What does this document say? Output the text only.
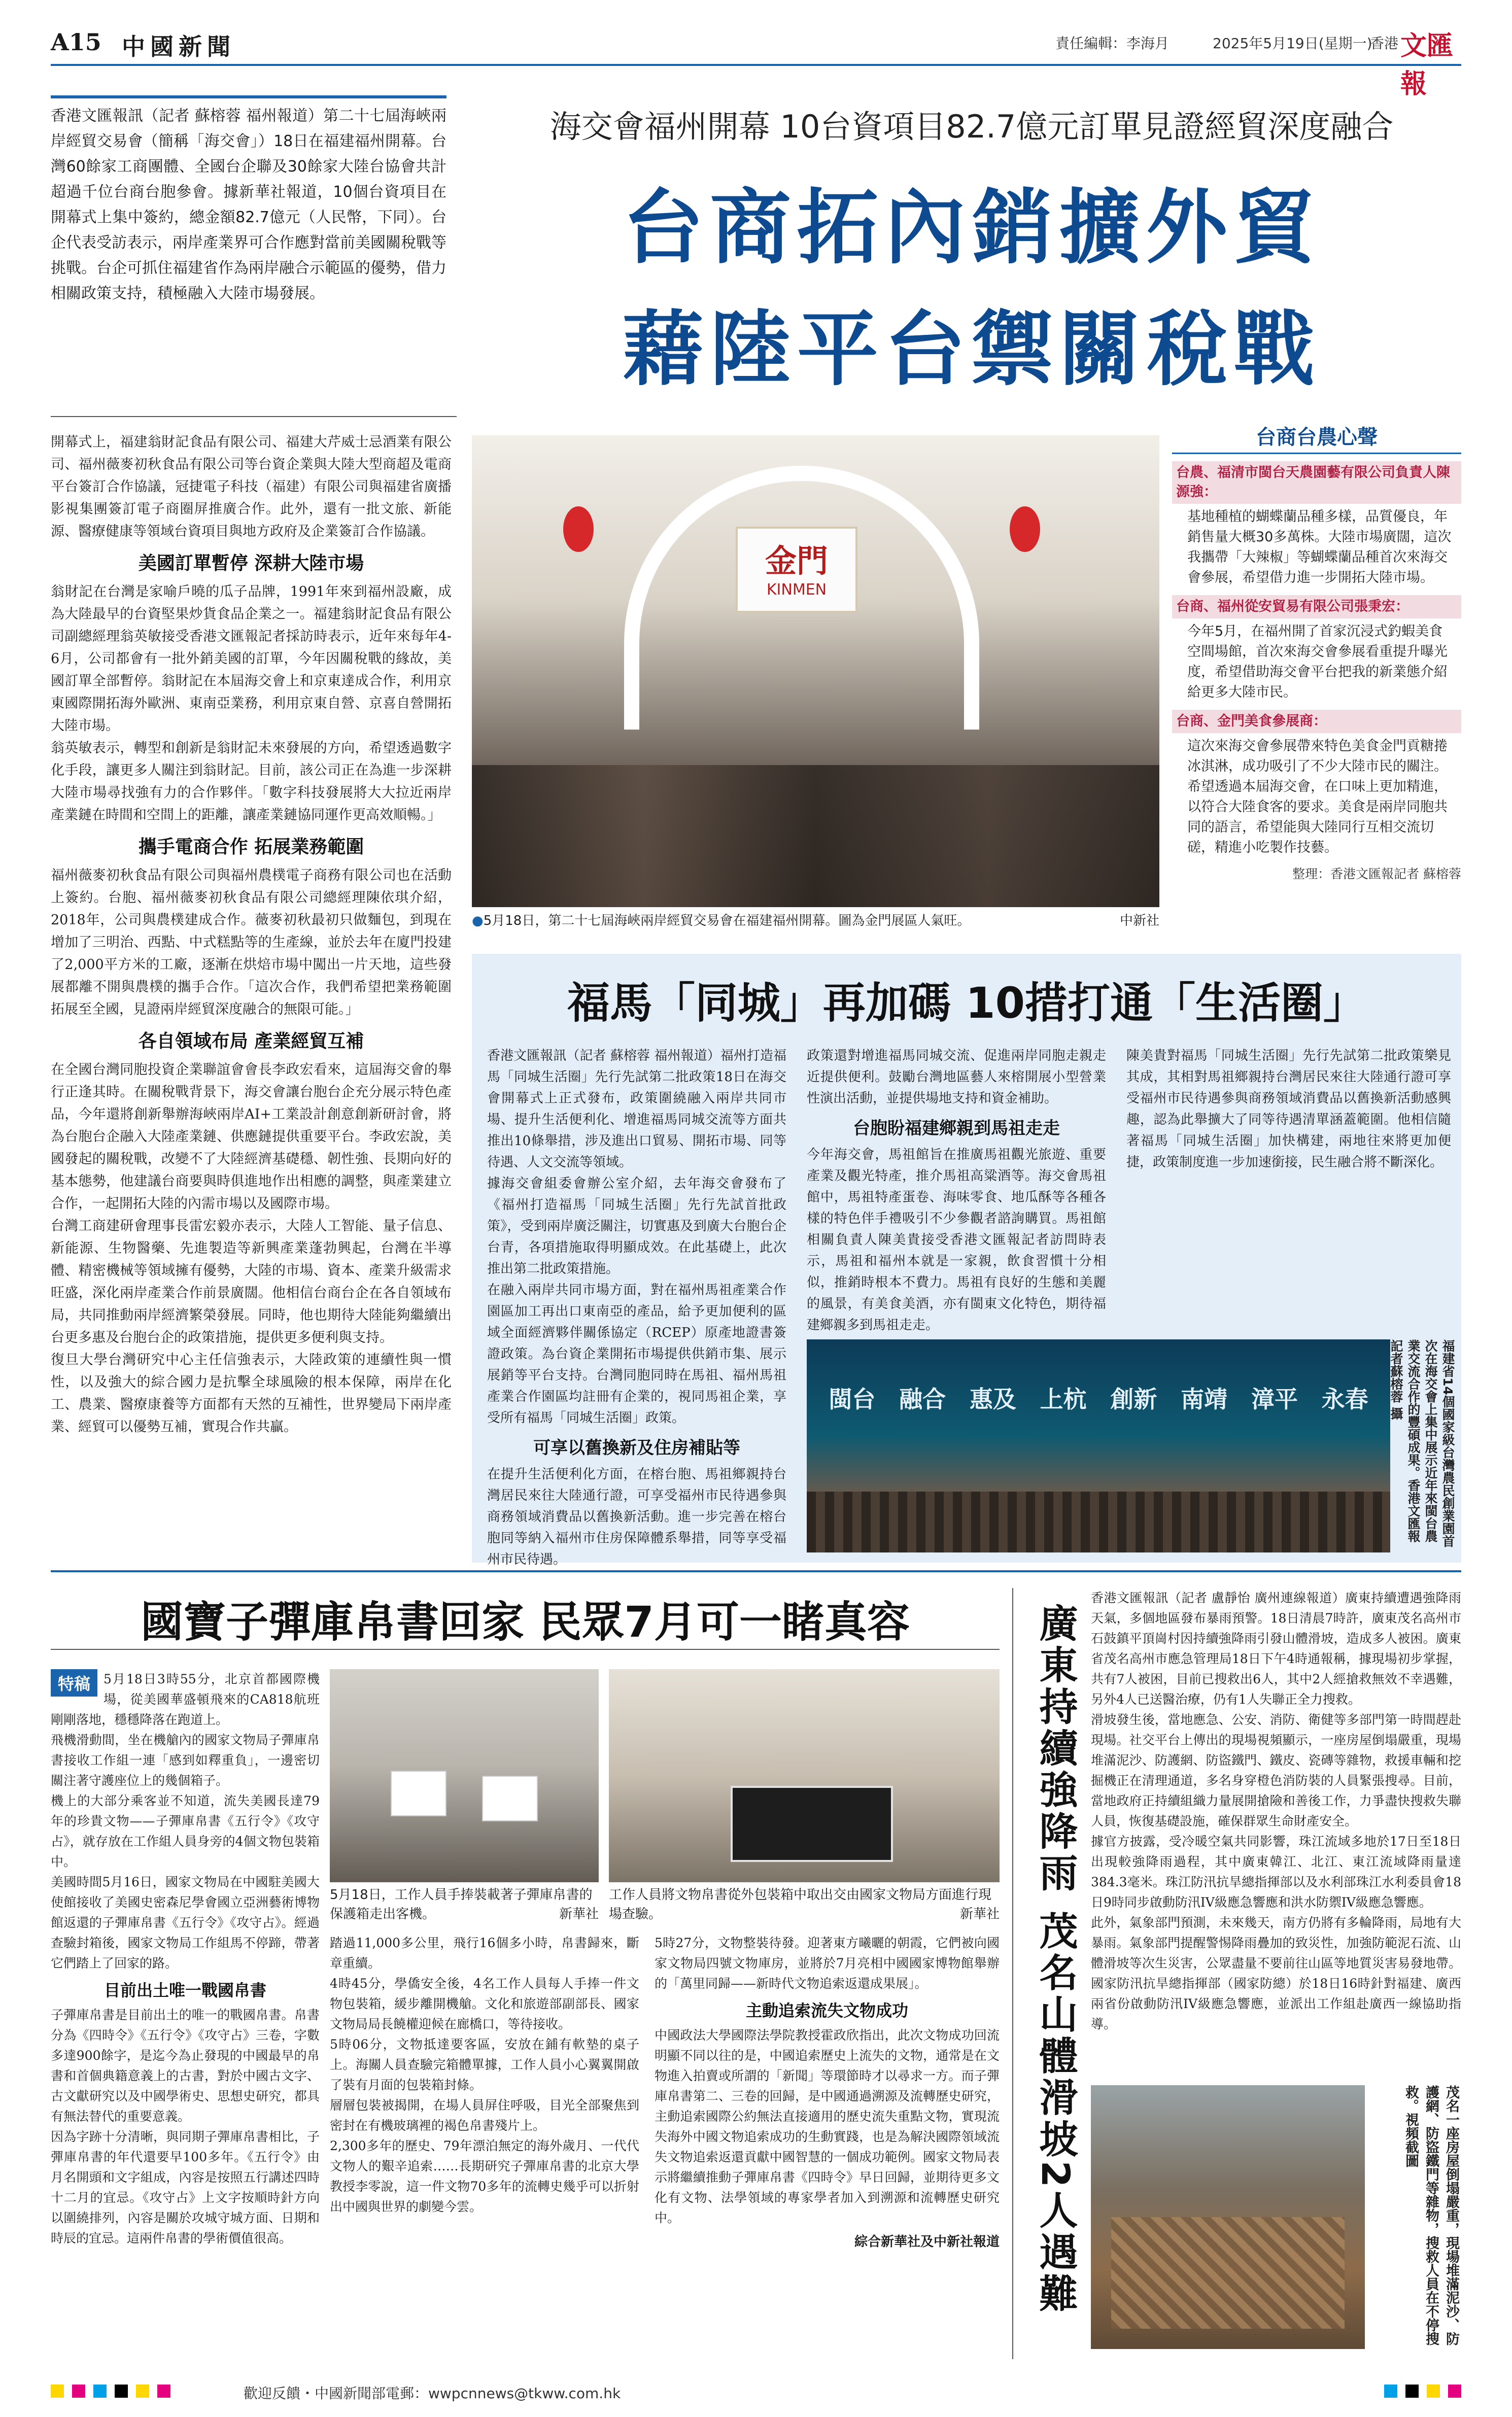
A15 中國新聞	責任編輯：李海月	2025年5月19日(星期一)
香港 文匯報
香港文匯報訊（記者 蘇榕蓉 福州報道）第二十七屆海峽兩岸經貿交易會（簡稱「海交會」）18日在福建福州開幕。台灣60餘家工商團體、全國台企聯及30餘家大陸台協會共計超過千位台商台胞參會。據新華社報道，10個台資項目在開幕式上集中簽約，總金額82.7億元（人民幣，下同）。台企代表受訪表示，兩岸產業界可合作應對當前美國關稅戰等挑戰。台企可抓住福建省作為兩岸融合示範區的優勢，借力相關政策支持，積極融入大陸市場發展。
海交會福州開幕 10台資項目82.7億元訂單見證經貿深度融合
台商拓內銷擴外貿
藉陸平台禦關稅戰
開幕式上，福建翁財記食品有限公司、福建大芹威士忌酒業有限公司、福州薇麥初秋食品有限公司等台資企業與大陸大型商超及電商平台簽訂合作協議，冠捷電子科技（福建）有限公司與福建省廣播影視集團簽訂電子商圈屏推廣合作。此外，還有一批文旅、新能源、醫療健康等領域台資項目與地方政府及企業簽訂合作協議。
美國訂單暫停 深耕大陸市場
翁財記在台灣是家喻戶曉的瓜子品牌，1991年來到福州設廠，成為大陸最早的台資堅果炒貨食品企業之一。福建翁財記食品有限公司副總經理翁英敏接受香港文匯報記者採訪時表示，近年來每年4-6月，公司都會有一批外銷美國的訂單，今年因關稅戰的緣故，美國訂單全部暫停。翁財記在本屆海交會上和京東達成合作，利用京東國際開拓海外歐洲、東南亞業務，利用京東自營、京喜自營開拓大陸市場。
翁英敏表示，轉型和創新是翁財記未來發展的方向，希望透過數字化手段，讓更多人關注到翁財記。目前，該公司正在為進一步深耕大陸市場尋找強有力的合作夥伴。「數字科技發展將大大拉近兩岸產業鏈在時間和空間上的距離，讓產業鏈協同運作更高效順暢。」
攜手電商合作 拓展業務範圍
福州薇麥初秋食品有限公司與福州農樸電子商務有限公司也在活動上簽約。台胞、福州薇麥初秋食品有限公司總經理陳依琪介紹，2018年，公司與農樸建成合作。薇麥初秋最初只做麵包，到現在增加了三明治、西點、中式糕點等的生產線，並於去年在廈門投建了2,000平方米的工廠，逐漸在烘焙市場中闖出一片天地，這些發展都離不開與農樸的攜手合作。「這次合作，我們希望把業務範圍拓展至全國，見證兩岸經貿深度融合的無限可能。」
各自領域布局 產業經貿互補
在全國台灣同胞投資企業聯誼會會長李政宏看來，這屆海交會的舉行正逢其時。在關稅戰背景下，海交會讓台胞台企充分展示特色產品，今年還將創新舉辦海峽兩岸AI+工業設計創意創新研討會，將為台胞台企融入大陸產業鏈、供應鏈提供重要平台。李政宏說，美國發起的關稅戰，改變不了大陸經濟基礎穩、韌性強、長期向好的基本態勢，他建議台商要與時俱進地作出相應的調整，與產業建立合作，一起開拓大陸的內需市場以及國際市場。
台灣工商建研會理事長雷宏毅亦表示，大陸人工智能、量子信息、新能源、生物醫藥、先進製造等新興產業蓬勃興起，台灣在半導體、精密機械等領域擁有優勢，大陸的市場、資本、產業升級需求旺盛，深化兩岸產業合作前景廣闊。他相信台商台企在各自領域布局，共同推動兩岸經濟繁榮發展。同時，他也期待大陸能夠繼續出台更多惠及台胞台企的政策措施，提供更多便利與支持。
復旦大學台灣研究中心主任信強表示，大陸政策的連續性與一慣性，以及強大的綜合國力是抗擊全球風險的根本保障，兩岸在化工、農業、醫療康養等方面都有天然的互補性，世界變局下兩岸產業、經貿可以優勢互補，實現合作共贏。
金門
KINMEN
●5月18日，第二十七屆海峽兩岸經貿交易會在福建福州開幕。圖為金門展區人氣旺。	中新社
台商台農心聲
台農、福清市閩台天農園藝有限公司負責人陳源強：
基地種植的蝴蝶蘭品種多樣，品質優良，年銷售量大概30多萬株。大陸市場廣闊，這次我攜帶「大辣椒」等蝴蝶蘭品種首次來海交會參展，希望借力進一步開拓大陸市場。
台商、福州從安貿易有限公司張秉宏：
今年5月，在福州開了首家沉浸式釣蝦美食空間場館，首次來海交會參展看重提升曝光度，希望借助海交會平台把我的新業態介紹給更多大陸市民。
台商、金門美食參展商：
這次來海交會參展帶來特色美食金門貢糖捲冰淇淋，成功吸引了不少大陸市民的關注。希望透過本屆海交會，在口味上更加精進，以符合大陸食客的要求。美食是兩岸同胞共同的語言，希望能與大陸同行互相交流切磋，精進小吃製作技藝。
整理：香港文匯報記者 蘇榕蓉
福馬「同城」再加碼 10措打通「生活圈」
香港文匯報訊（記者 蘇榕蓉 福州報道）福州打造福馬「同城生活圈」先行先試第二批政策18日在海交會開幕式上正式發布，政策圍繞融入兩岸共同市場、提升生活便利化、增進福馬同城交流等方面共推出10條舉措，涉及進出口貿易、開拓市場、同等待遇、人文交流等領域。
據海交會組委會辦公室介紹，去年海交會發布了《福州打造福馬「同城生活圈」先行先試首批政策》，受到兩岸廣泛關注，切實惠及到廣大台胞台企台青，各項措施取得明顯成效。在此基礎上，此次推出第二批政策措施。
在融入兩岸共同市場方面，對在福州馬祖產業合作園區加工再出口東南亞的產品，給予更加便利的區域全面經濟夥伴關係協定（RCEP）原產地證書簽證政策。為台資企業開拓市場提供供銷市集、展示展銷等平台支持。台灣同胞同時在馬祖、福州馬祖產業合作園區均註冊有企業的，視同馬祖企業，享受所有福馬「同城生活圈」政策。
可享以舊換新及住房補貼等
在提升生活便利化方面，在榕台胞、馬祖鄉親持台灣居民來往大陸通行證，可享受福州市民待遇參與商務領域消費品以舊換新活動。進一步完善在榕台胞同等納入福州市住房保障體系舉措，同等享受福州市民待遇。
政策還對增進福馬同城交流、促進兩岸同胞走親走近提供便利。鼓勵台灣地區藝人來榕開展小型營業性演出活動，並提供場地支持和資金補助。
台胞盼福建鄉親到馬祖走走
今年海交會，馬祖館旨在推廣馬祖觀光旅遊、重要產業及觀光特產，推介馬祖高粱酒等。海交會馬祖館中，馬祖特產蛋卷、海味零食、地瓜酥等各種各樣的特色伴手禮吸引不少參觀者諮詢購買。馬祖館相關負責人陳美貴接受香港文匯報記者訪問時表示，馬祖和福州本就是一家親，飲食習慣十分相似，推銷時根本不費力。馬祖有良好的生態和美麗的風景，有美食美酒，亦有閩東文化特色，期待福建鄉親多到馬祖走走。
陳美貴對福馬「同城生活圈」先行先試第二批政策樂見其成，其相對馬祖鄉親持台灣居民來往大陸通行證可享受福州市民待遇參與商務領域消費品以舊換新活動感興趣，認為此舉擴大了同等待遇清單涵蓋範圍。他相信隨著福馬「同城生活圈」加快構建，兩地往來將更加便捷，政策制度進一步加速銜接，民生融合將不斷深化。
閩台 融合 惠及 上杭 創新 南靖 漳平 永春	福建省14個國家級台灣農民創業園首次在海交會上集中展示近年來閩台農業交流合作的豐碩成果。香港文匯報記者蘇榕蓉 攝
國寶子彈庫帛書回家 民眾7月可一睹真容
特稿	5月18日3時55分，北京首都國際機場，從美國華盛頓飛來的CA818航班剛剛落地，穩穩降落在跑道上。
飛機滑動間，坐在機艙內的國家文物局子彈庫帛書接收工作組一連「感到如釋重負」，一邊密切關注著守護座位上的幾個箱子。
機上的大部分乘客並不知道，流失美國長達79年的珍貴文物——子彈庫帛書《五行令》《攻守占》，就存放在工作組人員身旁的4個文物包裝箱中。
美國時間5月16日，國家文物局在中國駐美國大使館接收了美國史密森尼學會國立亞洲藝術博物館返還的子彈庫帛書《五行令》《攻守占》。經過查驗封箱後，國家文物局工作組馬不停蹄，帶著它們踏上了回家的路。
目前出土唯一戰國帛書
子彈庫帛書是目前出土的唯一的戰國帛書。帛書分為《四時令》《五行令》《攻守占》三卷，字數多達900餘字，是迄今為止發現的中國最早的帛書和首個典籍意義上的古書，對於中國古文字、古文獻研究以及中國學術史、思想史研究，都具有無法替代的重要意義。
因為字跡十分清晰，與同期子彈庫帛書相比，子彈庫帛書的年代還要早100多年。《五行令》由月名開頭和文字組成，內容是按照五行講述四時十二月的宜忌。《攻守占》上文字按順時針方向以圍繞排列，內容是關於攻城守城方面、日期和時辰的宜忌。這兩件帛書的學術價值很高。
5月18日，工作人員手捧裝載著子彈庫帛書的保護箱走出客機。	新華社
工作人員將文物帛書從外包裝箱中取出交由國家文物局方面進行現場查驗。	新華社
踏過11,000多公里，飛行16個多小時，帛書歸來，斷章重續。
4時45分，學僑安全後，4名工作人員每人手捧一件文物包裝箱，緩步離開機艙。文化和旅遊部副部長、國家文物局局長饒權迎候在廊橋口，等待接收。
5時06分，文物抵達要客區，安放在鋪有軟墊的桌子上。海關人員查驗完箱體單據，工作人員小心翼翼開啟了裝有月面的包裝箱封條。
層層包裝被揭開，在場人員屏住呼吸，目光全部聚焦到密封在有機玻璃裡的褐色帛書殘片上。
2,300多年的歷史、79年漂泊無定的海外歲月、一代代文物人的艱辛追索……長期研究子彈庫帛書的北京大學教授李零說，這一件文物70多年的流轉史幾乎可以折射出中國與世界的劇變今雲。
5時27分，文物整裝待發。迎著東方曦曬的朝霞，它們被向國家文物局四號文物庫房，並將於7月亮相中國國家博物館舉辦的「萬里同歸——新時代文物追索返還成果展」。
主動追索流失文物成功
中國政法大學國際法學院教授霍政欣指出，此次文物成功回流明顯不同以往的是，中國追索歷史上流失的文物，通常是在文物進入拍賣或所謂的「新聞」等環節時才以尋求一方。而子彈庫帛書第二、三卷的回歸，是中國通過溯源及流轉歷史研究，主動追索國際公約無法直接適用的歷史流失重點文物，實現流失海外中國文物追索成功的生動實踐，也是為解決國際領域流失文物追索返還貢獻中國智慧的一個成功範例。國家文物局表示將繼續推動子彈庫帛書《四時令》早日回歸，並期待更多文化有文物、法學領域的專家學者加入到溯源和流轉歷史研究中。
綜合新華社及中新社報道 廣東持續強降雨 茂名山體滑坡2人遇難
香港文匯報訊（記者 盧靜怡 廣州連線報道）廣東持續遭遇強降雨天氣，多個地區發布暴雨預警。18日清晨7時許，廣東茂名高州市石鼓鎮平頂崗村因持續強降雨引發山體滑坡，造成多人被困。廣東省茂名高州市應急管理局18日下午4時通報稱，據現場初步掌握，共有7人被困，目前已搜救出6人，其中2人經搶救無效不幸遇難，另外4人已送醫治療，仍有1人失聯正全力搜救。
滑坡發生後，當地應急、公安、消防、衛健等多部門第一時間趕赴現場。社交平台上傳出的現場視頻顯示，一座房屋倒塌嚴重，現場堆滿泥沙、防護網、防盜鐵門、鐵皮、瓷磚等雜物，救援車輛和挖掘機正在清理通道，多名身穿橙色消防裝的人員緊張搜尋。目前，當地政府正持續組織力量展開搶險和善後工作，力爭盡快搜救失聯人員，恢復基礎設施，確保群眾生命財產安全。
據官方披露，受冷暖空氣共同影響，珠江流域多地於17日至18日出現較強降雨過程，其中廣東韓江、北江、東江流域降雨量達384.3毫米。珠江防汛抗旱總指揮部以及水利部珠江水利委員會18日9時同步啟動防汛IV級應急響應和洪水防禦IV級應急響應。
此外，氣象部門預測，未來幾天，南方仍將有多輪降雨，局地有大暴雨。氣象部門提醒警惕降雨疊加的致災性，加強防範泥石流、山體滑坡等次生災害，公眾盡量不要前往山區等地質災害易發地帶。國家防汛抗旱總指揮部（國家防總）於18日16時針對福建、廣西兩省份啟動防汛IV級應急響應，並派出工作組赴廣西一線協助指導。
茂名一座房屋倒塌嚴重，現場堆滿泥沙、防護網、防盜鐵門等雜物，搜救人員在不停搜救。視頻截圖
歡迎反饋・中國新聞部電郵：wwpcnnews@tkww.com.hk
